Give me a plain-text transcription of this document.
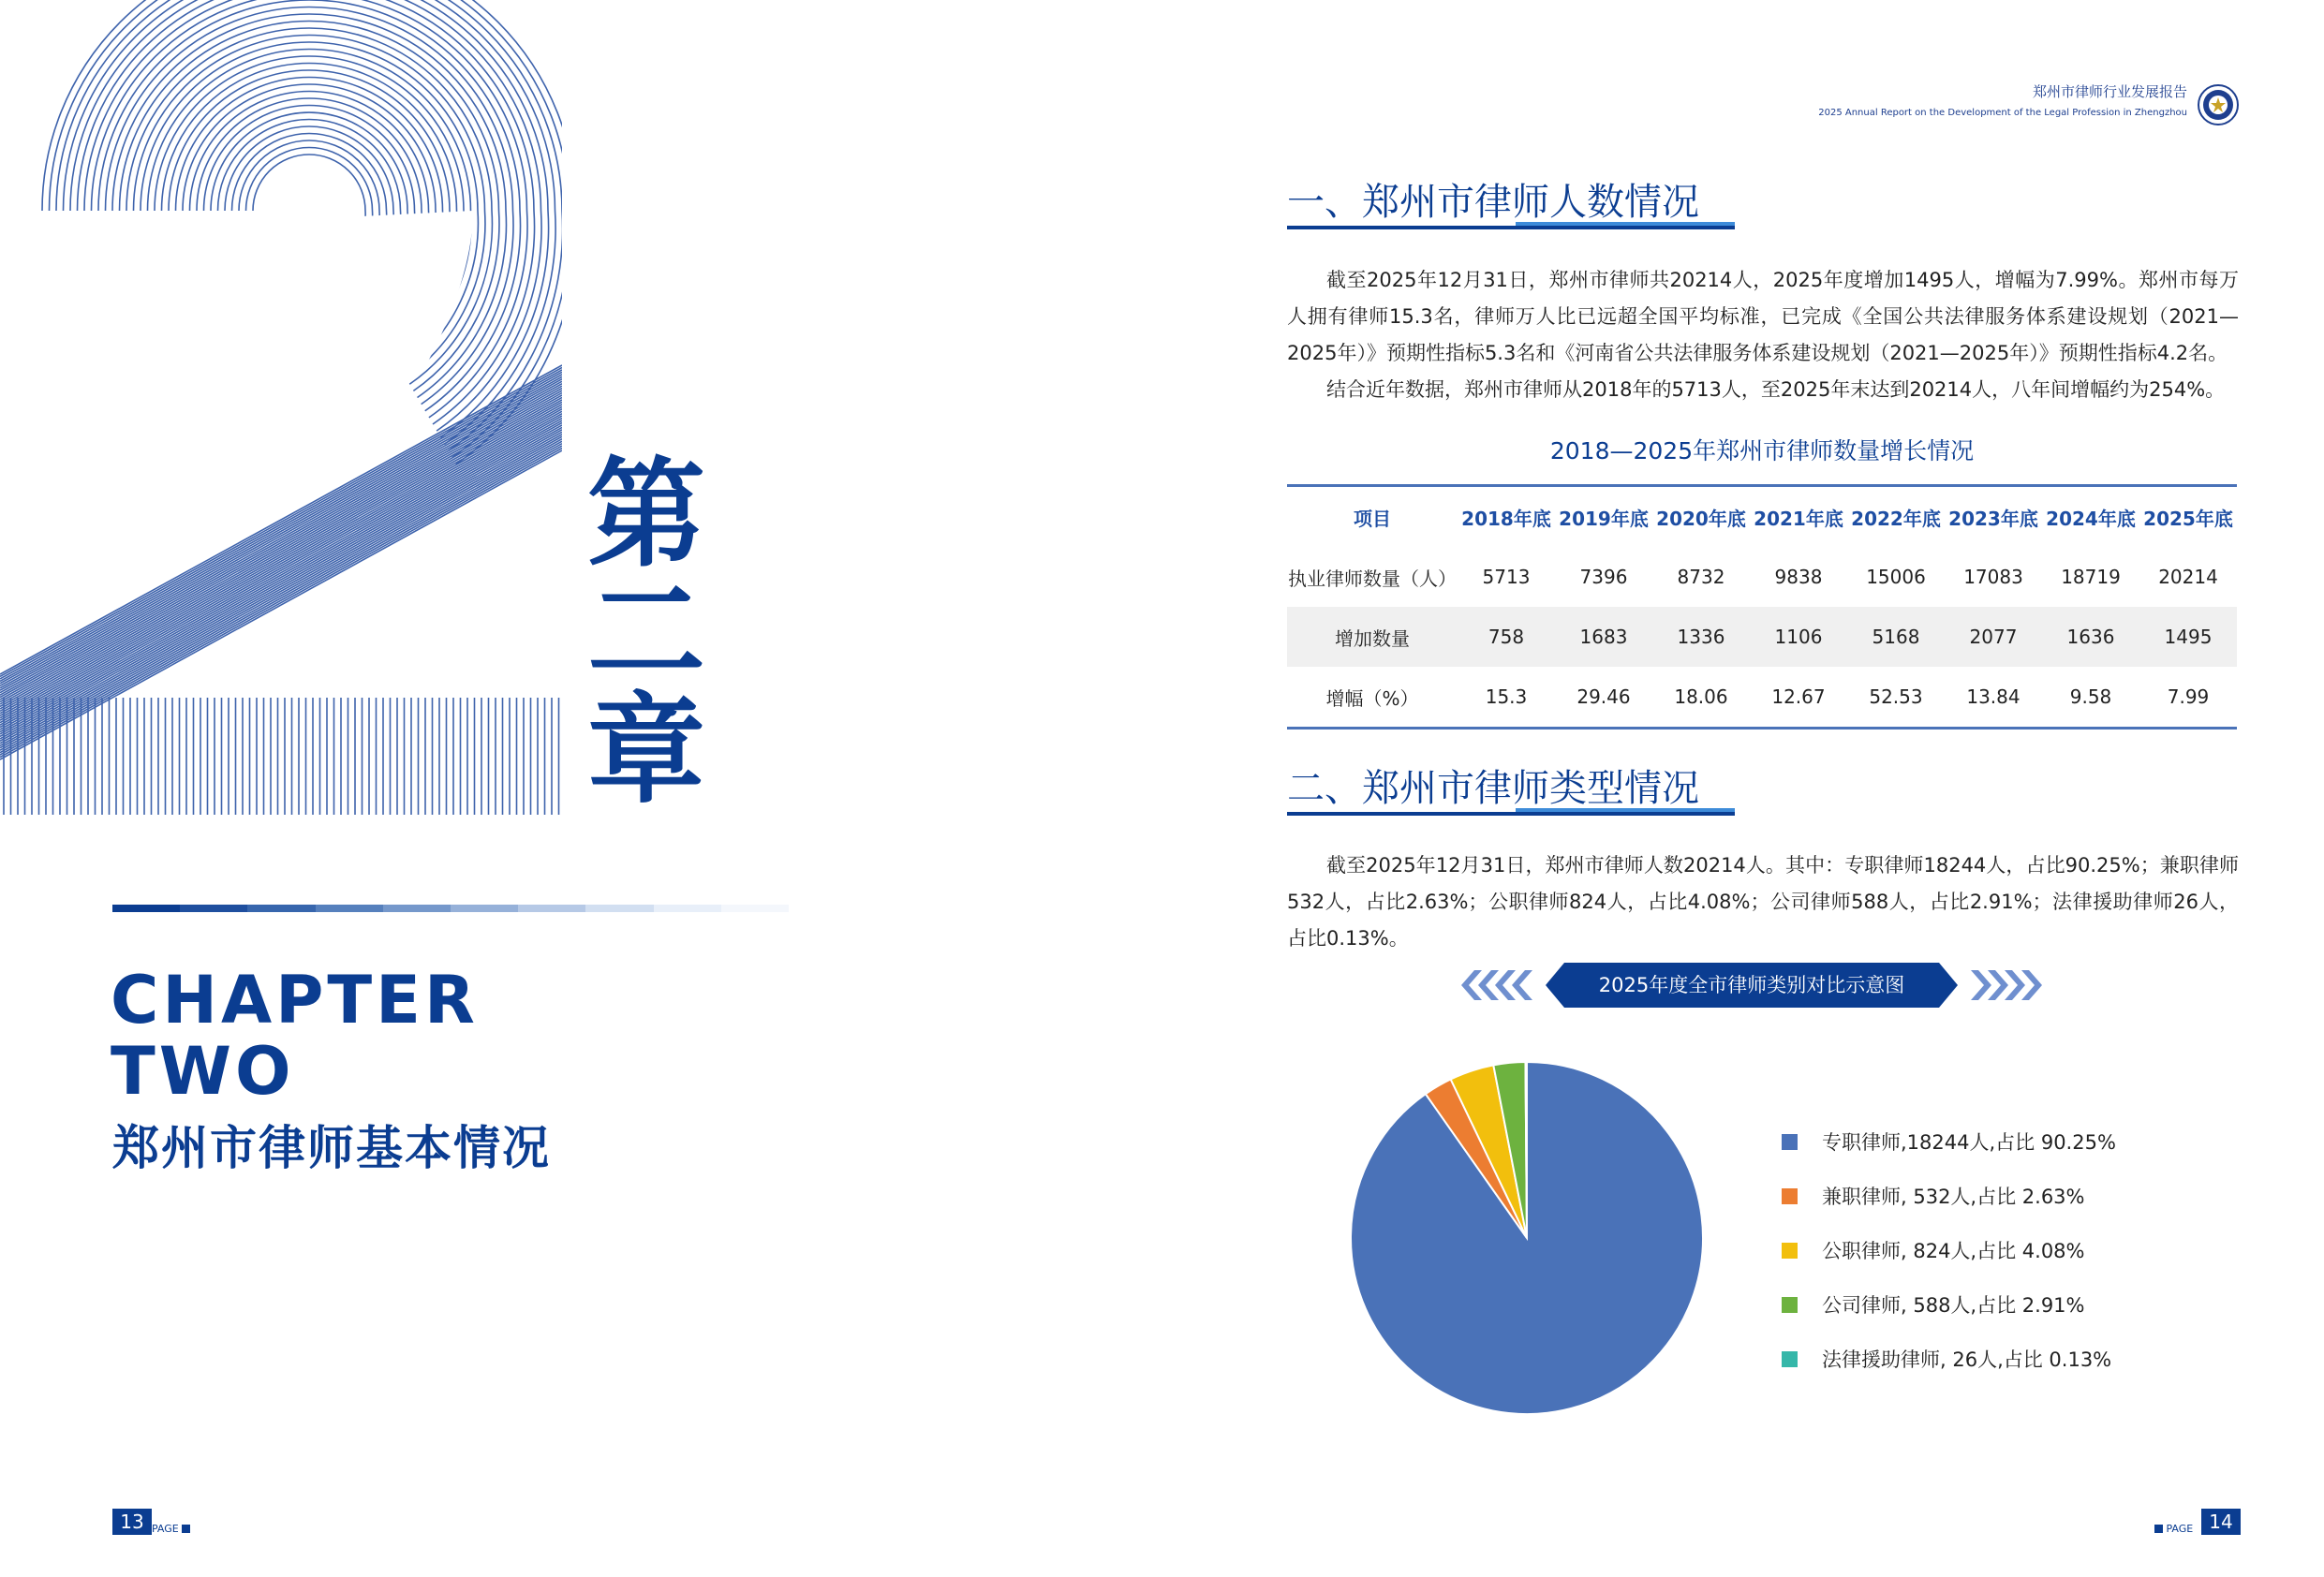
第
二
章
CHAPTER
TWO
郑州市律师基本情况
13 PAGE
郑州市律师行业发展报告
2025 Annual Report on the Development of the Legal Profession in Zhengzhou
一、郑州市律师人数情况

截至2025年12月31日，郑州市律师共20214人，2025年度增加1495人，增幅为7.99%。郑州市每万人拥有律师15.3名，律师万人比已远超全国平均标准，已完成《全国公共法律服务体系建设规划（2021—2025年）》预期性指标5.3名和《河南省公共法律服务体系建设规划（2021—2025年）》预期性指标4.2名。

结合近年数据，郑州市律师从2018年的5713人，至2025年末达到20214人，八年间增幅约为254%。

2018—2025年郑州市律师数量增长情况
项目	2018年底	2019年底	2020年底	2021年底	2022年底	2023年底	2024年底	2025年底
执业律师数量（人）	5713	7396	8732	9838	15006	17083	18719	20214
增加数量	758	1683	1336	1106	5168	2077	1636	1495
增幅（%）	15.3	29.46	18.06	12.67	52.53	13.84	9.58	7.99
二、郑州市律师类型情况

截至2025年12月31日，郑州市律师人数20214人。其中：专职律师18244人，占比90.25%；兼职律师532人，占比2.63%；公职律师824人，占比4.08%；公司律师588人，占比2.91%；法律援助律师26人，占比0.13%。

2025年度全市律师类别对比示意图
专职律师,18244人,占比 90.25%
兼职律师, 532人,占比 2.63%
公职律师, 824人,占比 4.08%
公司律师, 588人,占比 2.91%
法律援助律师, 26人,占比 0.13%
PAGE 14
